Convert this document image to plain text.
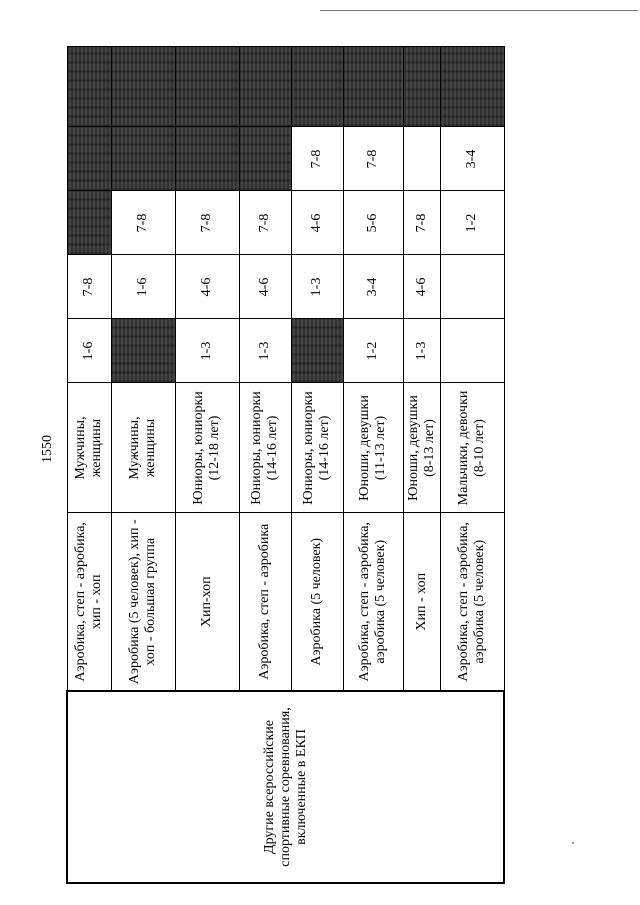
1550
Другие всероссийские спортивные соревнования, включенные в ЕКП	Аэробика, степ - аэробика, хип - хоп	Мужчины, женщины	1-6	7-8			
	Аэробика (5 человек), хип - хоп - большая группа	Мужчины, женщины		1-6	7-8		
	Хип-хоп	Юниоры, юниорки (12-18 лет)	1-3	4-6	7-8		
	Аэробика, степ - аэробика	Юниоры, юниорки (14-16 лет)	1-3	4-6	7-8		
	Аэробика (5 человек)	Юниоры, юниорки (14-16 лет)		1-3	4-6	7-8	
	Аэробика, степ - аэробика, аэробика (5 человек)	Юноши, девушки (11-13 лет)	1-2	3-4	5-6	7-8	
	Хип - хоп	Юноши, девушки (8-13 лет)	1-3	4-6	7-8		
	Аэробика, степ - аэробика, аэробика (5 человек)	Мальчики, девочки (8-10 лет)			1-2	3-4	
